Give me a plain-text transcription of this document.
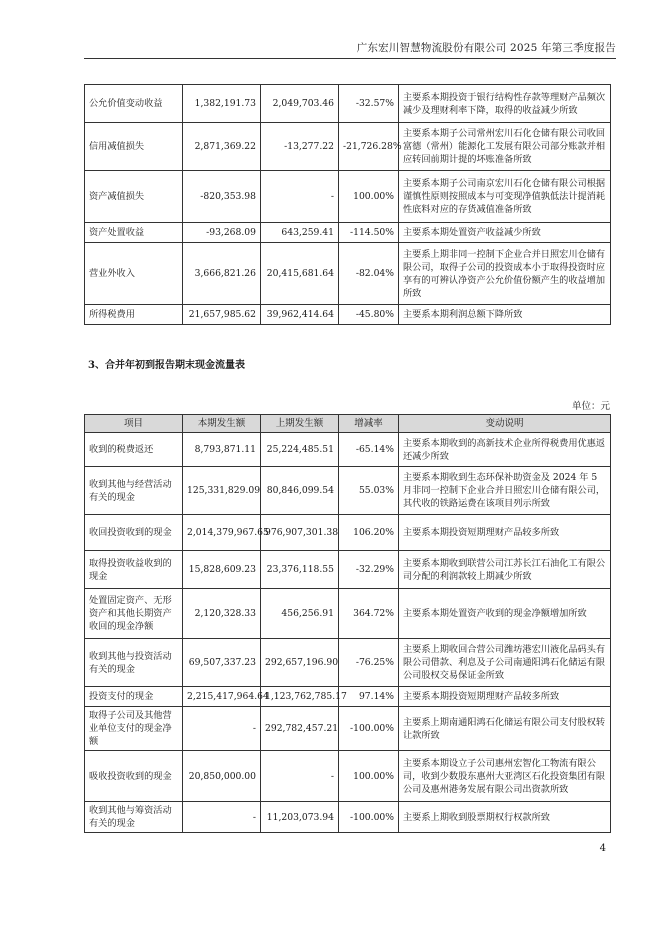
广东宏川智慧物流股份有限公司 2025 年第三季度报告
公允价值变动收益	1,382,191.73	2,049,703.46	-32.57%	主要系本期投资于银行结构性存款等理财产品频次减少及理财利率下降，取得的收益减少所致
信用减值损失	2,871,369.22	-13,277.22	-21,726.28%	主要系本期子公司常州宏川石化仓储有限公司收回富德（常州）能源化工发展有限公司部分账款并相应转回前期计提的坏账准备所致
资产减值损失	-820,353.98	-	100.00%	主要系本期子公司南京宏川石化仓储有限公司根据谨慎性原则按照成本与可变现净值孰低法计提消耗性底料对应的存货减值准备所致
资产处置收益	-93,268.09	643,259.41	-114.50%	主要系本期处置资产收益减少所致
营业外收入	3,666,821.26	20,415,681.64	-82.04%	主要系上期非同一控制下企业合并日照宏川仓储有限公司，取得子公司的投资成本小于取得投资时应享有的可辨认净资产公允价值份额产生的收益增加所致
所得税费用	21,657,985.62	39,962,414.64	-45.80%	主要系本期利润总额下降所致
3、合并年初到报告期末现金流量表
单位：元
项目	本期发生额	上期发生额	增减率	变动说明
收到的税费返还	8,793,871.11	25,224,485.51	-65.14%	主要系本期收到的高新技术企业所得税费用优惠返还减少所致
收到其他与经营活动有关的现金	125,331,829.09	80,846,099.54	55.03%	主要系本期收到生态环保补助资金及 2024 年 5 月非同一控制下企业合并日照宏川仓储有限公司，其代收的铁路运费在该项目列示所致
收回投资收到的现金	2,014,379,967.65	976,907,301.38	106.20%	主要系本期投资短期理财产品较多所致
取得投资收益收到的现金	15,828,609.23	23,376,118.55	-32.29%	主要系本期收到联营公司江苏长江石油化工有限公司分配的利润款较上期减少所致
处置固定资产、无形资产和其他长期资产收回的现金净额	2,120,328.33	456,256.91	364.72%	主要系本期处置资产收到的现金净额增加所致
收到其他与投资活动有关的现金	69,507,337.23	292,657,196.90	-76.25%	主要系上期收回合营公司潍坊港宏川液化品码头有限公司借款、利息及子公司南通阳鸿石化储运有限公司股权交易保证金所致
投资支付的现金	2,215,417,964.64	1,123,762,785.17	97.14%	主要系本期投资短期理财产品较多所致
取得子公司及其他营业单位支付的现金净额	-	292,782,457.21	-100.00%	主要系上期南通阳鸿石化储运有限公司支付股权转让款所致
吸收投资收到的现金	20,850,000.00	-	100.00%	主要系本期设立子公司惠州宏智化工物流有限公司，收到少数股东惠州大亚湾区石化投资集团有限公司及惠州港务发展有限公司出资款所致
收到其他与筹资活动有关的现金	-	11,203,073.94	-100.00%	主要系上期收到股票期权行权款所致
4
